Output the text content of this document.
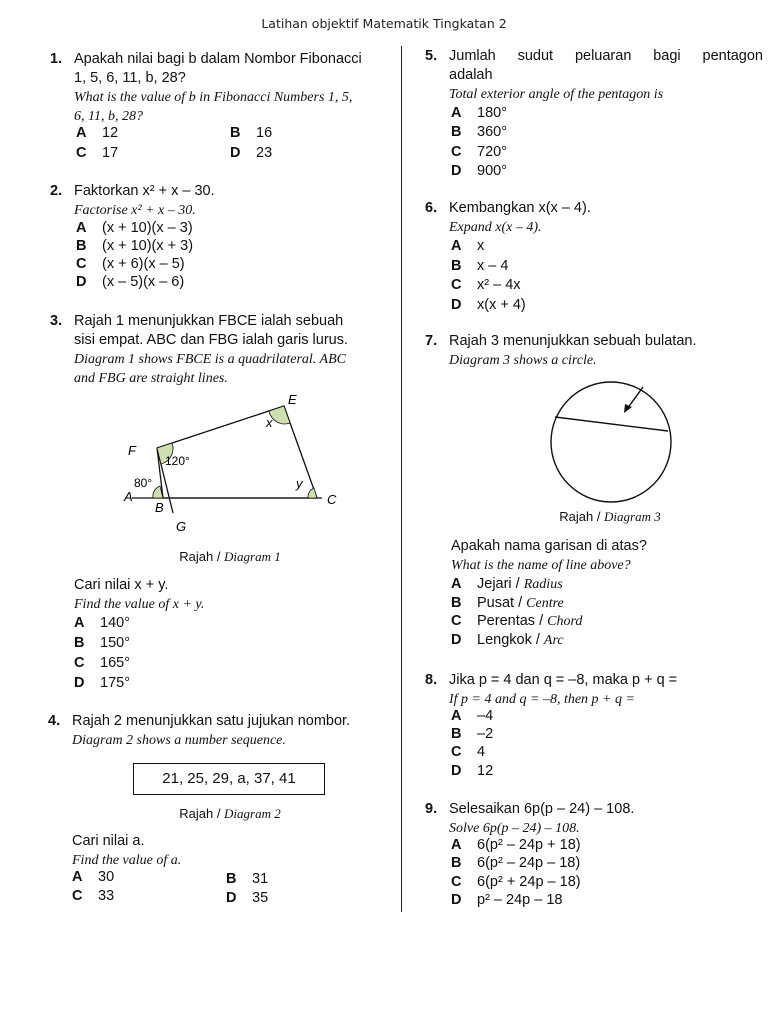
Latihan objektif Matematik Tingkatan 2
1. Apakah nilai bagi b dalam Nombor Fibonacci
1, 5, 6, 11, b, 28?
What is the value of b in Fibonacci Numbers 1, 5,
6, 11, b, 28?
A 12	B 16
C 17	D 23
2. Faktorkan x² + x – 30.
Factorise x² + x – 30.
A (x + 10)(x – 3)
B (x + 10)(x + 3)
C (x + 6)(x – 5)
D (x – 5)(x – 6)
3. Rajah 1 menunjukkan FBCE ialah sebuah
sisi empat. ABC dan FBG ialah garis lurus.
Diagram 1 shows FBCE is a quadrilateral. ABC
and FBG are straight lines.
E
x
F
120°
80°
A
B
y
C
G
Rajah / Diagram 1
Cari nilai x + y.
Find the value of x + y.
A 140°
B 150°
C 165°
D 175°
4. Rajah 2 menunjukkan satu jujukan nombor.
Diagram 2 shows a number sequence.
21, 25, 29, a, 37, 41
Rajah / Diagram 2
Cari nilai a.
Find the value of a.
A 30	B 31
C 33	D 35
5. Jumlah sudut peluaran bagi pentagon
adalah
Total exterior angle of the pentagon is
A 180°
B 360°
C 720°
D 900°
6. Kembangkan x(x – 4).
Expand x(x – 4).
A x
B x – 4
C x² – 4x
D x(x + 4)
7. Rajah 3 menunjukkan sebuah bulatan.
Diagram 3 shows a circle.
Rajah / Diagram 3
Apakah nama garisan di atas?
What is the name of line above?
A Jejari / Radius
B Pusat / Centre
C Perentas / Chord
D Lengkok / Arc
8. Jika p = 4 dan q = –8, maka p + q =
If p = 4 and q = –8, then p + q =
A –4
B –2
C 4
D 12
9. Selesaikan 6p(p – 24) – 108.
Solve 6p(p – 24) – 108.
A 6(p² – 24p + 18)
B 6(p² – 24p – 18)
C 6(p² + 24p – 18)
D p² – 24p – 18
